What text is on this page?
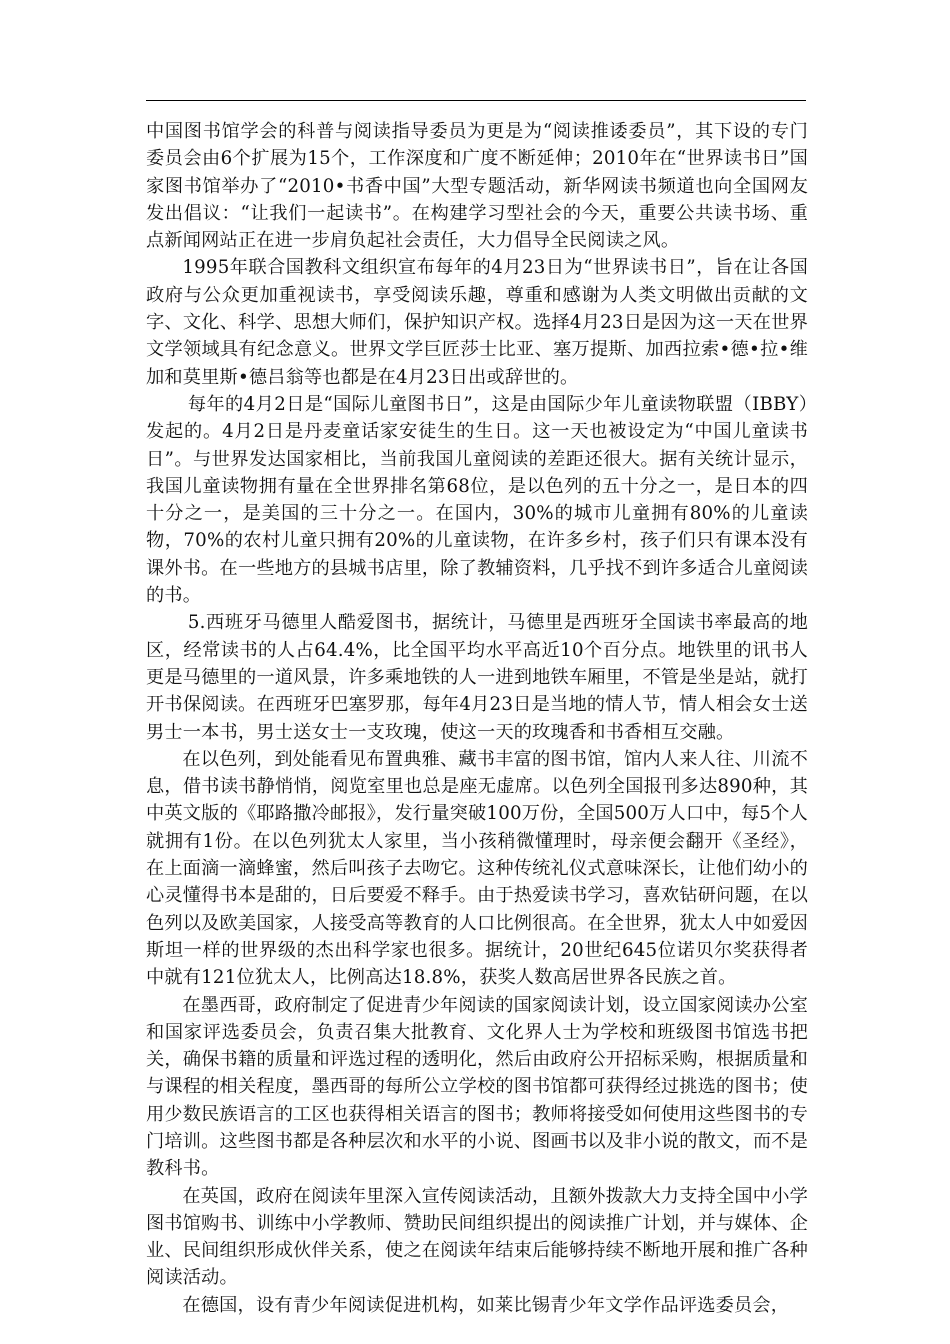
中国图书馆学会的科普与阅读指导委员为更是为“阅读推诿委员”，其下设的专门委员会由6个扩展为15个，工作深度和广度不断延伸；2010年在“世界读书日”国家图书馆举办了“2010•书香中国”大型专题活动，新华网读书频道也向全国网友发出倡议：“让我们一起读书”。在构建学习型社会的今天，重要公共读书场、重点新闻网站正在进一步肩负起社会责任，大力倡导全民阅读之风。

1995年联合国教科文组织宣布每年的4月23日为“世界读书日”，旨在让各国政府与公众更加重视读书，享受阅读乐趣，尊重和感谢为人类文明做出贡献的文字、文化、科学、思想大师们，保护知识产权。选择4月23日是因为这一天在世界文学领域具有纪念意义。世界文学巨匠莎士比亚、塞万提斯、加西拉索•德•拉•维加和莫里斯•德吕翁等也都是在4月23日出或辞世的。

每年的4月2日是“国际儿童图书日”，这是由国际少年儿童读物联盟（IBBY）发起的。4月2日是丹麦童话家安徒生的生日。这一天也被设定为“中国儿童读书日”。与世界发达国家相比，当前我国儿童阅读的差距还很大。据有关统计显示，我国儿童读物拥有量在全世界排名第68位，是以色列的五十分之一，是日本的四十分之一，是美国的三十分之一。在国内，30%的城市儿童拥有80%的儿童读物，70%的农村儿童只拥有20%的儿童读物，在许多乡村，孩子们只有课本没有课外书。在一些地方的县城书店里，除了教辅资料，几乎找不到许多适合儿童阅读的书。

5.西班牙马德里人酷爱图书，据统计，马德里是西班牙全国读书率最高的地区，经常读书的人占64.4%，比全国平均水平高近10个百分点。地铁里的讯书人更是马德里的一道风景，许多乘地铁的人一进到地铁车厢里，不管是坐是站，就打开书保阅读。在西班牙巴塞罗那，每年4月23日是当地的情人节，情人相会女士送男士一本书，男士送女士一支玫瑰，使这一天的玫瑰香和书香相互交融。

在以色列，到处能看见布置典雅、藏书丰富的图书馆，馆内人来人往、川流不息，借书读书静悄悄，阅览室里也总是座无虚席。以色列全国报刊多达890种，其中英文版的《耶路撒冷邮报》，发行量突破100万份，全国500万人口中，每5个人就拥有1份。在以色列犹太人家里，当小孩稍微懂理时，母亲便会翻开《圣经》，在上面滴一滴蜂蜜，然后叫孩子去吻它。这种传统礼仪式意味深长，让他们幼小的心灵懂得书本是甜的，日后要爱不释手。由于热爱读书学习，喜欢钻研问题，在以色列以及欧美国家，人接受高等教育的人口比例很高。在全世界，犹太人中如爱因斯坦一样的世界级的杰出科学家也很多。据统计，20世纪645位诺贝尔奖获得者中就有121位犹太人，比例高达18.8%，获奖人数高居世界各民族之首。

在墨西哥，政府制定了促进青少年阅读的国家阅读计划，设立国家阅读办公室和国家评选委员会，负责召集大批教育、文化界人士为学校和班级图书馆选书把关，确保书籍的质量和评选过程的透明化，然后由政府公开招标采购，根据质量和与课程的相关程度，墨西哥的每所公立学校的图书馆都可获得经过挑选的图书；使用少数民族语言的工区也获得相关语言的图书；教师将接受如何使用这些图书的专门培训。这些图书都是各种层次和水平的小说、图画书以及非小说的散文，而不是教科书。

在英国，政府在阅读年里深入宣传阅读活动，且额外拨款大力支持全国中小学图书馆购书、训练中小学教师、赞助民间组织提出的阅读推广计划，并与媒体、企业、民间组织形成伙伴关系，使之在阅读年结束后能够持续不断地开展和推广各种阅读活动。

在德国，设有青少年阅读促进机构，如莱比锡青少年文学作品评选委员会，
